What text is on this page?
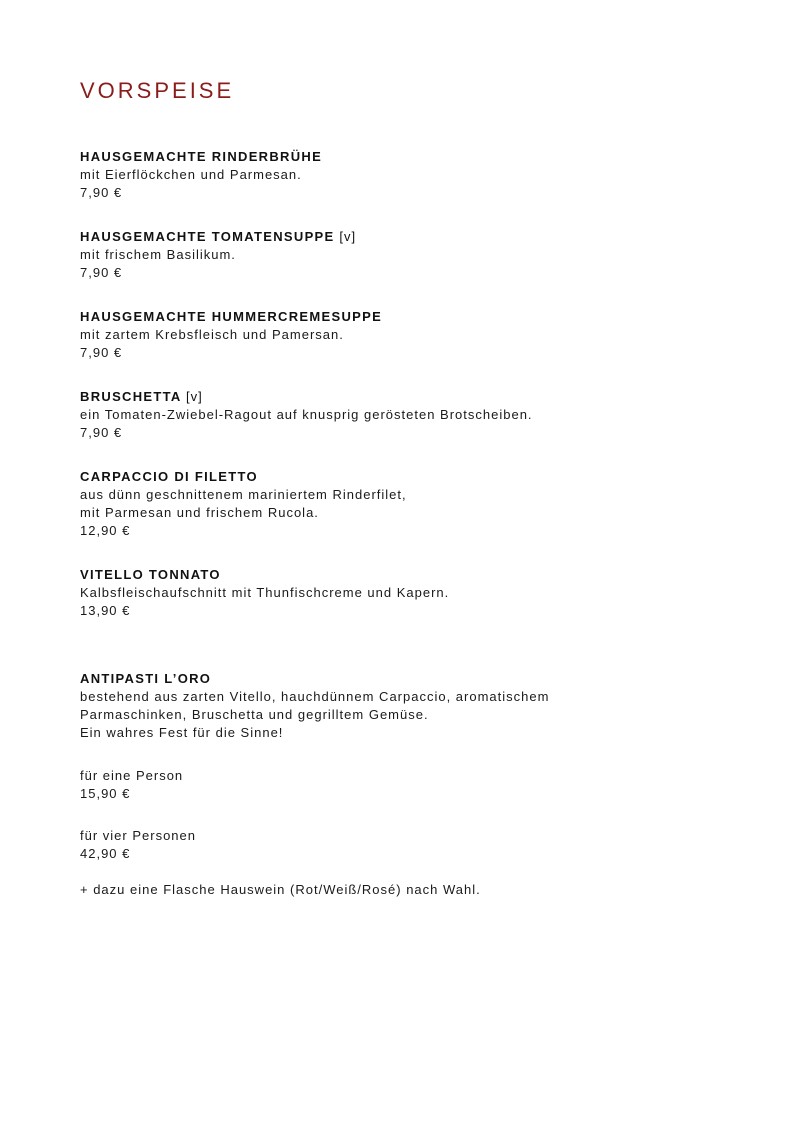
VORSPEISE

HAUSGEMACHTE RINDERBRÜHE

mit Eierflöckchen und Parmesan.

7,90 €

HAUSGEMACHTE TOMATENSUPPE [v]

mit frischem Basilikum.

7,90 €

HAUSGEMACHTE HUMMERCREMESUPPE

mit zartem Krebsfleisch und Pamersan.

7,90 €

BRUSCHETTA [v]

ein Tomaten-Zwiebel-Ragout auf knusprig gerösteten Brotscheiben.

7,90 €

CARPACCIO DI FILETTO

aus dünn geschnittenem mariniertem Rinderfilet,

mit Parmesan und frischem Rucola.

12,90 €

VITELLO TONNATO

Kalbsfleischaufschnitt mit Thunfischcreme und Kapern.

13,90 €

ANTIPASTI L’ORO

bestehend aus zarten Vitello, hauchdünnem Carpaccio, aromatischem

Parmaschinken, Bruschetta und gegrilltem Gemüse.

Ein wahres Fest für die Sinne!

für eine Person

15,90 €

für vier Personen

42,90 €

+ dazu eine Flasche Hauswein (Rot/Weiß/Rosé) nach Wahl.
